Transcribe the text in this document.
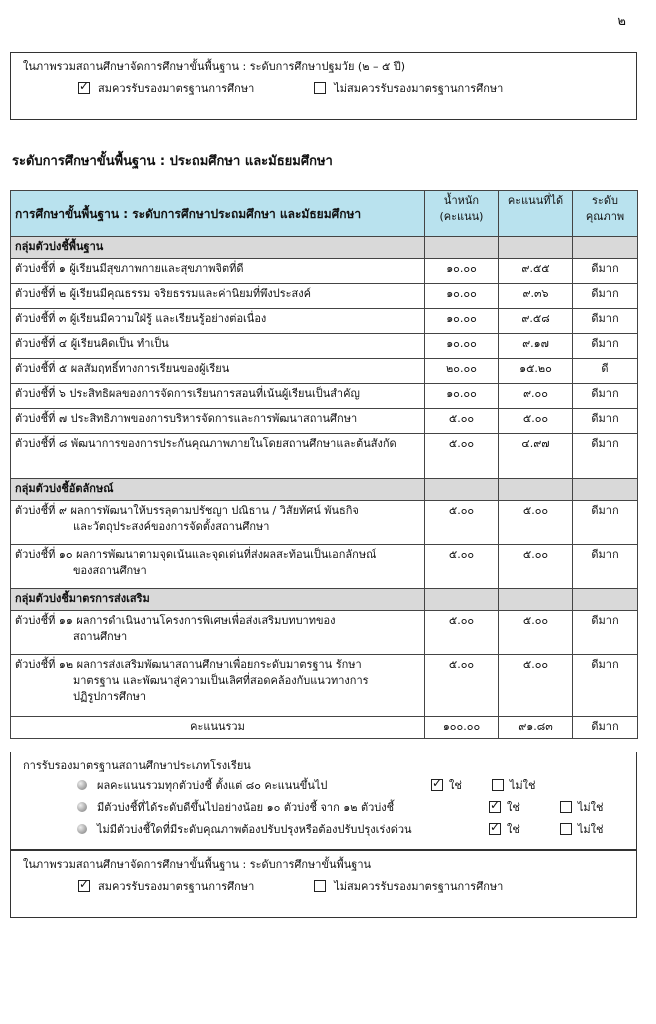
๒
ในภาพรวมสถานศึกษาจัดการศึกษาขั้นพื้นฐาน : ระดับการศึกษาปฐมวัย (๒ – ๕ ปี)
✓
สมควรรับรองมาตรฐานการศึกษา	ไม่สมควรรับรองมาตรฐานการศึกษา
ระดับการศึกษาขั้นพื้นฐาน : ประถมศึกษา และมัธยมศึกษา
การศึกษาขั้นพื้นฐาน : ระดับการศึกษาประถมศึกษา และมัธยมศึกษา	น้ำหนัก (คะแนน)	คะแนนที่ได้	ระดับ คุณภาพ
กลุ่มตัวบ่งชี้พื้นฐาน			
ตัวบ่งชี้ที่ ๑ ผู้เรียนมีสุขภาพกายและสุขภาพจิตที่ดี	๑๐.๐๐	๙.๕๕	ดีมาก
ตัวบ่งชี้ที่ ๒ ผู้เรียนมีคุณธรรม จริยธรรมและค่านิยมที่พึงประสงค์	๑๐.๐๐	๙.๓๖	ดีมาก
ตัวบ่งชี้ที่ ๓ ผู้เรียนมีความใฝ่รู้ และเรียนรู้อย่างต่อเนื่อง	๑๐.๐๐	๙.๕๘	ดีมาก
ตัวบ่งชี้ที่ ๔ ผู้เรียนคิดเป็น ทำเป็น	๑๐.๐๐	๙.๑๗	ดีมาก
ตัวบ่งชี้ที่ ๕ ผลสัมฤทธิ์ทางการเรียนของผู้เรียน	๒๐.๐๐	๑๕.๒๐	ดี
ตัวบ่งชี้ที่ ๖ ประสิทธิผลของการจัดการเรียนการสอนที่เน้นผู้เรียนเป็นสำคัญ	๑๐.๐๐	๙.๐๐	ดีมาก
ตัวบ่งชี้ที่ ๗ ประสิทธิภาพของการบริหารจัดการและการพัฒนาสถานศึกษา	๕.๐๐	๕.๐๐	ดีมาก
ตัวบ่งชี้ที่ ๘ พัฒนาการของการประกันคุณภาพภายในโดยสถานศึกษาและต้นสังกัด	๕.๐๐	๔.๙๗	ดีมาก
กลุ่มตัวบ่งชี้อัตลักษณ์			
ตัวบ่งชี้ที่ ๙ ผลการพัฒนาให้บรรลุตามปรัชญา ปณิธาน / วิสัยทัศน์ พันธกิจ
และวัตถุประสงค์ของการจัดตั้งสถานศึกษา	๕.๐๐	๕.๐๐	ดีมาก
ตัวบ่งชี้ที่ ๑๐ ผลการพัฒนาตามจุดเน้นและจุดเด่นที่ส่งผลสะท้อนเป็นเอกลักษณ์
ของสถานศึกษา	๕.๐๐	๕.๐๐	ดีมาก
กลุ่มตัวบ่งชี้มาตรการส่งเสริม			
ตัวบ่งชี้ที่ ๑๑ ผลการดำเนินงานโครงการพิเศษเพื่อส่งเสริมบทบาทของ
สถานศึกษา	๕.๐๐	๕.๐๐	ดีมาก
ตัวบ่งชี้ที่ ๑๒ ผลการส่งเสริมพัฒนาสถานศึกษาเพื่อยกระดับมาตรฐาน รักษา
มาตรฐาน และพัฒนาสู่ความเป็นเลิศที่สอดคล้องกับแนวทางการ
ปฏิรูปการศึกษา	๕.๐๐	๕.๐๐	ดีมาก
คะแนนรวม	๑๐๐.๐๐	๙๑.๘๓	ดีมาก
การรับรองมาตรฐานสถานศึกษาประเภทโรงเรียน
ผลคะแนนรวมทุกตัวบ่งชี้ ตั้งแต่ ๘๐ คะแนนขึ้นไป ✓	ใช่	ไม่ใช่
มีตัวบ่งชี้ที่ได้ระดับดีขึ้นไปอย่างน้อย ๑๐ ตัวบ่งชี้ จาก ๑๒ ตัวบ่งชี้ ✓	ใช่	ไม่ใช่
ไม่มีตัวบ่งชี้ใดที่มีระดับคุณภาพต้องปรับปรุงหรือต้องปรับปรุงเร่งด่วน ✓	ใช่	ไม่ใช่
ในภาพรวมสถานศึกษาจัดการศึกษาขั้นพื้นฐาน : ระดับการศึกษาขั้นพื้นฐาน
✓
สมควรรับรองมาตรฐานการศึกษา	ไม่สมควรรับรองมาตรฐานการศึกษา
